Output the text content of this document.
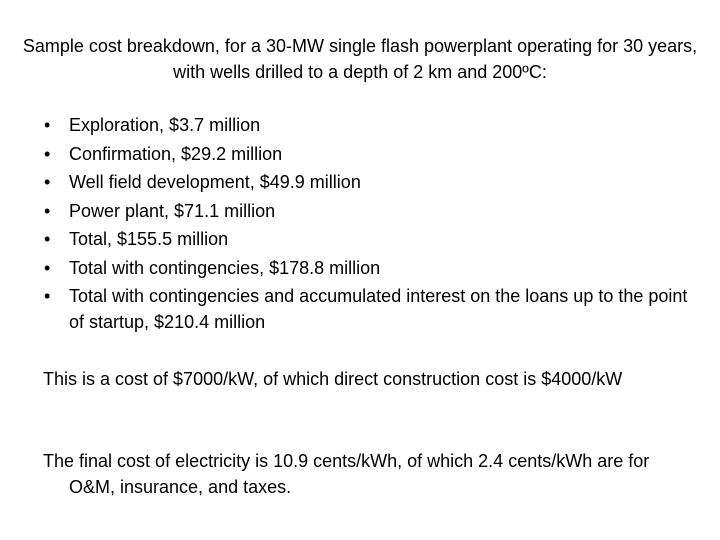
Sample cost breakdown, for a 30-MW single flash powerplant operating for 30 years, with wells drilled to a depth of 2 km and 200ºC:
•	Exploration, $3.7 million
•	Confirmation, $29.2 million
•	Well field development, $49.9 million
•	Power plant, $71.1 million
•	Total, $155.5 million
•	Total with contingencies, $178.8 million
•	Total with contingencies and accumulated interest on the loans up to the point of startup, $210.4 million
This is a cost of $7000/kW, of which direct construction cost is $4000/kW
The final cost of electricity is 10.9 cents/kWh, of which 2.4 cents/kWh are for O&M, insurance, and taxes.
